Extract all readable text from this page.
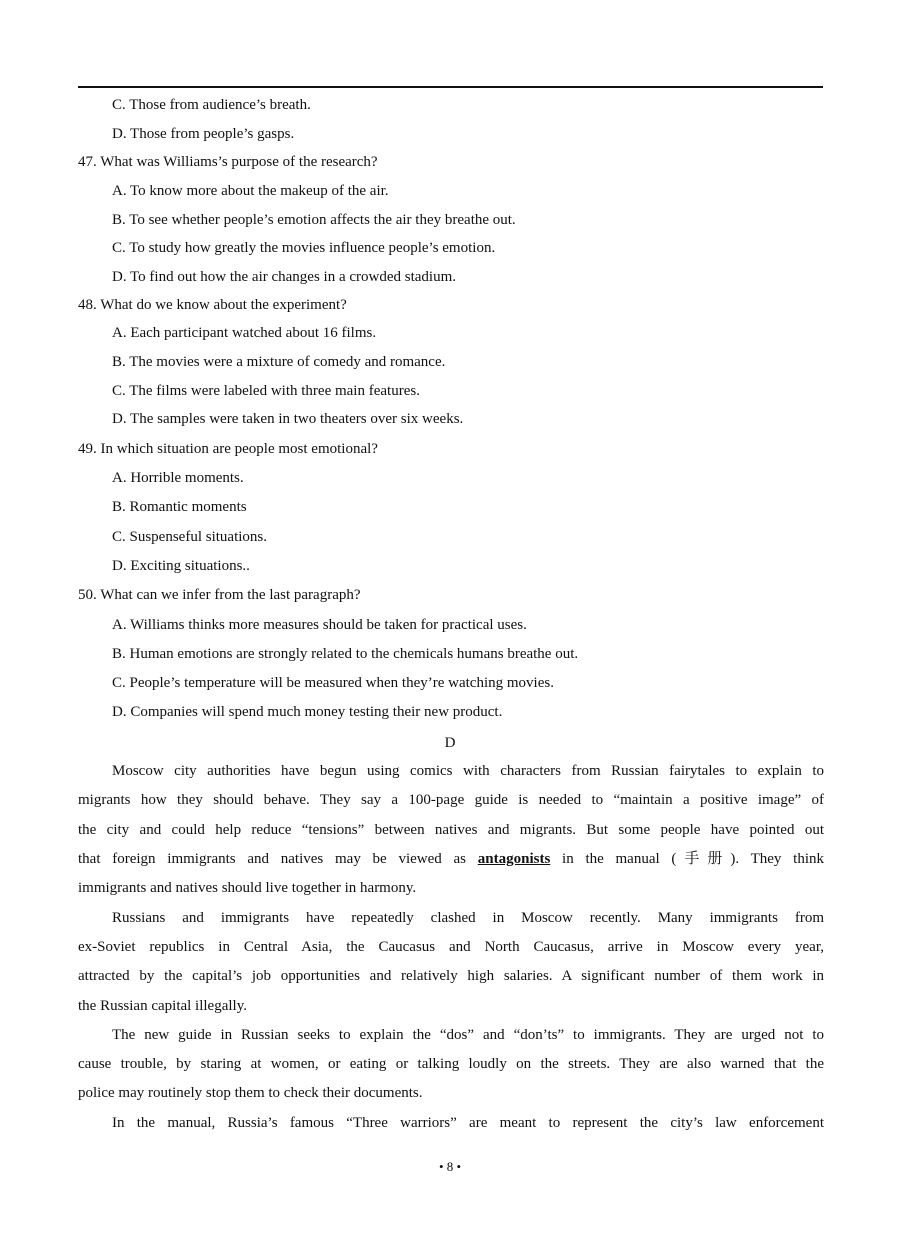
C. Those from audience’s breath.
D. Those from people’s gasps.
47. What was Williams’s purpose of the research?
A. To know more about the makeup of the air.
B. To see whether people’s emotion affects the air they breathe out.
C. To study how greatly the movies influence people’s emotion.
D. To find out how the air changes in a crowded stadium.
48. What do we know about the experiment?
A. Each participant watched about 16 films.
B. The movies were a mixture of comedy and romance.
C. The films were labeled with three main features.
D. The samples were taken in two theaters over six weeks.
49. In which situation are people most emotional?
A. Horrible moments.
B. Romantic moments
C. Suspenseful situations.
D. Exciting situations..
50. What can we infer from the last paragraph?
A. Williams thinks more measures should be taken for practical uses.
B. Human emotions are strongly related to the chemicals humans breathe out.
C. People’s temperature will be measured when they’re watching movies.
D. Companies will spend much money testing their new product.
D
Moscow city authorities have begun using comics with characters from Russian fairytales to explain to
migrants how they should behave. They say a 100-page guide is needed to “maintain a positive image” of
the city and could help reduce “tensions” between natives and migrants. But some people have pointed out
that foreign immigrants and natives may be viewed as antagonists in the manual (手册). They think
immigrants and natives should live together in harmony.
Russians and immigrants have repeatedly clashed in Moscow recently. Many immigrants from
ex-Soviet republics in Central Asia, the Caucasus and North Caucasus, arrive in Moscow every year,
attracted by the capital’s job opportunities and relatively high salaries. A significant number of them work in
the Russian capital illegally.
The new guide in Russian seeks to explain the “dos” and “don’ts” to immigrants. They are urged not to
cause trouble, by staring at women, or eating or talking loudly on the streets. They are also warned that the
police may routinely stop them to check their documents.
In the manual, Russia’s famous “Three warriors” are meant to represent the city’s law enforcement
• 8 •
